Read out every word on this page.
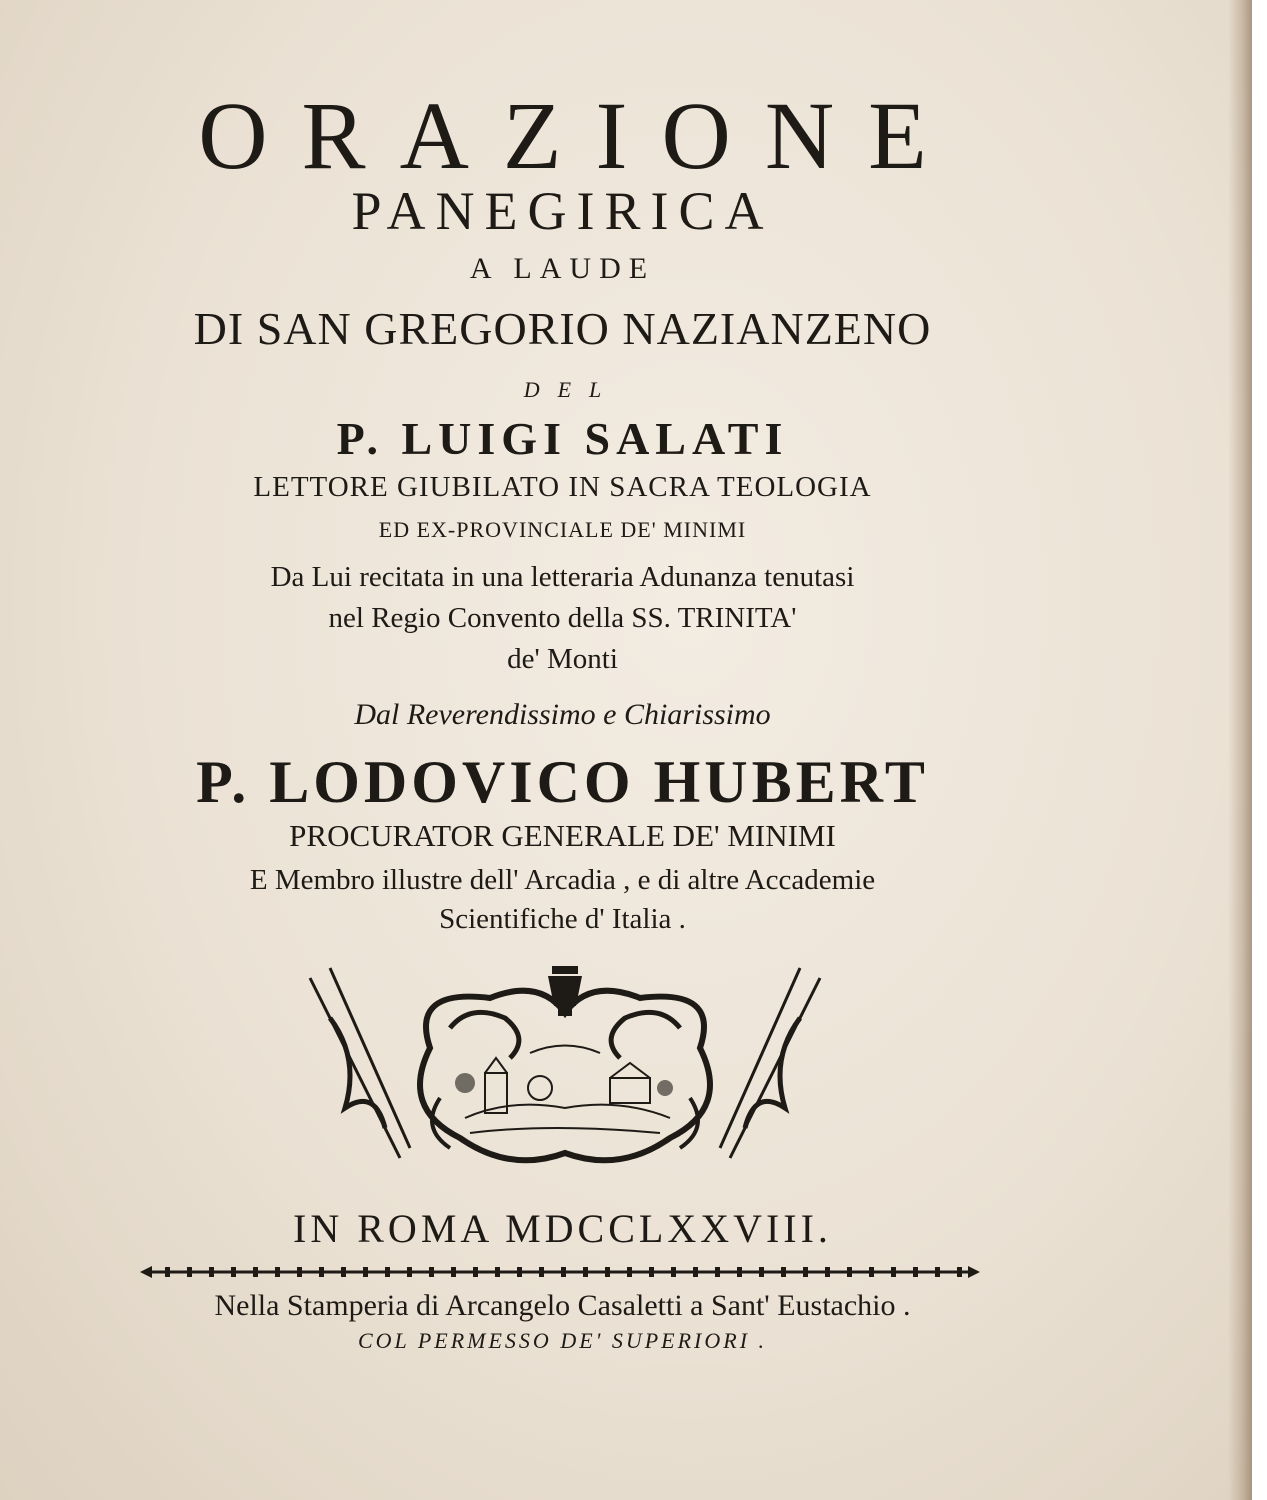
ORAZIONE
PANEGIRICA
A LAUDE
DI SAN GREGORIO NAZIANZENO
DEL
P. LUIGI SALATI
LETTORE GIUBILATO IN SACRA TEOLOGIA
ED EX-PROVINCIALE DE' MINIMI
Da Lui recitata in una letteraria Adunanza tenutasi
nel Regio Convento della SS. TRINITA'
de' Monti
Dal Reverendissimo e Chiarissimo
P. LODOVICO HUBERT
PROCURATOR GENERALE DE' MINIMI
E Membro illustre dell' Arcadia , e di altre Accademie
Scientifiche d' Italia .
IN ROMA MDCCLXXVIII.
Nella Stamperia di Arcangelo Casaletti a Sant' Eustachio .
COL PERMESSO DE' SUPERIORI .
